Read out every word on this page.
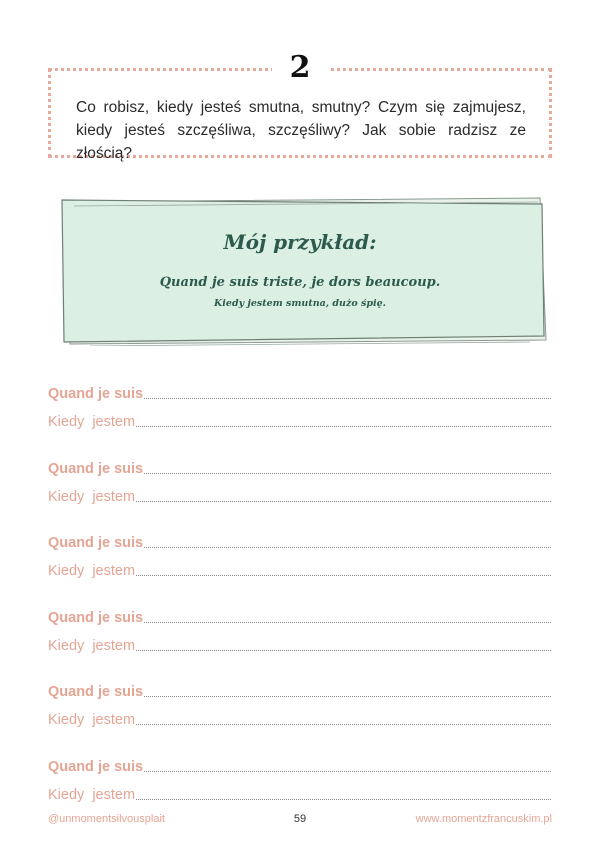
2
Co robisz, kiedy jesteś smutna, smutny? Czym się zajmujesz, kiedy jesteś szczęśliwa, szczęśliwy? Jak sobie radzisz ze złością?
Mój przykład:
Quand je suis triste, je dors beaucoup.
Kiedy jestem smutna, dużo śpię.
Quand je suis
Kiedy  jestem
Quand je suis
Kiedy  jestem
Quand je suis
Kiedy  jestem
Quand je suis
Kiedy  jestem
Quand je suis
Kiedy  jestem
Quand je suis
Kiedy  jestem
@unmomentsilvousplait	59	www.momentzfrancuskim.pl
